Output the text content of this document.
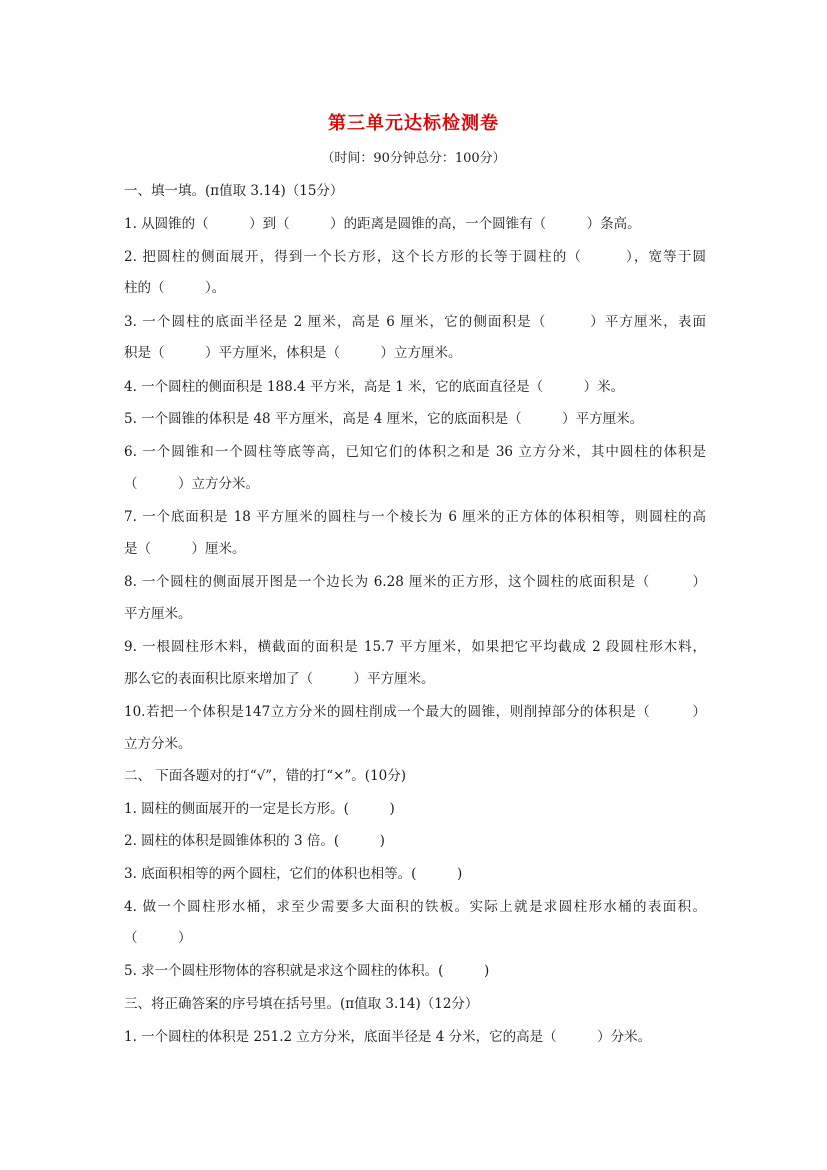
第三单元达标检测卷
（时间：90分钟总分：100分）
一、填一填。(π值取 3.14)（15分）
1. 从圆锥的（　　　）到（　　　）的距离是圆锥的高，一个圆锥有（　　　）条高。
2. 把圆柱的侧面展开，得到一个长方形，这个长方形的长等于圆柱的（　　　），宽等于圆
柱的（　　　）。
3. 一个圆柱的底面半径是 2 厘米，高是 6 厘米，它的侧面积是（　　　）平方厘米，表面
积是（　　　）平方厘米，体积是（　　　）立方厘米。
4. 一个圆柱的侧面积是 188.4 平方米，高是 1 米，它的底面直径是（　　　）米。
5. 一个圆锥的体积是 48 平方厘米，高是 4 厘米，它的底面积是（　　　）平方厘米。
6. 一个圆锥和一个圆柱等底等高，已知它们的体积之和是 36 立方分米，其中圆柱的体积是
（　　　）立方分米。
7. 一个底面积是 18 平方厘米的圆柱与一个棱长为 6 厘米的正方体的体积相等，则圆柱的高
是（　　　）厘米。
8. 一个圆柱的侧面展开图是一个边长为 6.28 厘米的正方形，这个圆柱的底面积是（　　　）
平方厘米。
9. 一根圆柱形木料，横截面的面积是 15.7 平方厘米，如果把它平均截成 2 段圆柱形木料，
那么它的表面积比原来增加了（　　　）平方厘米。
10.若把一个体积是147立方分米的圆柱削成一个最大的圆锥，则削掉部分的体积是（　　　）
立方分米。
二、 下面各题对的打“√”，错的打“×”。(10分)
1. 圆柱的侧面展开的一定是长方形。(　　　)
2. 圆柱的体积是圆锥体积的 3 倍。(　　　)
3. 底面积相等的两个圆柱，它们的体积也相等。(　　　)
4. 做一个圆柱形水桶，求至少需要多大面积的铁板。实际上就是求圆柱形水桶的表面积。
（　　　）
5. 求一个圆柱形物体的容积就是求这个圆柱的体积。(　　　)
三、将正确答案的序号填在括号里。(π值取 3.14)（12分）
1. 一个圆柱的体积是 251.2 立方分米，底面半径是 4 分米，它的高是（　　　）分米。
